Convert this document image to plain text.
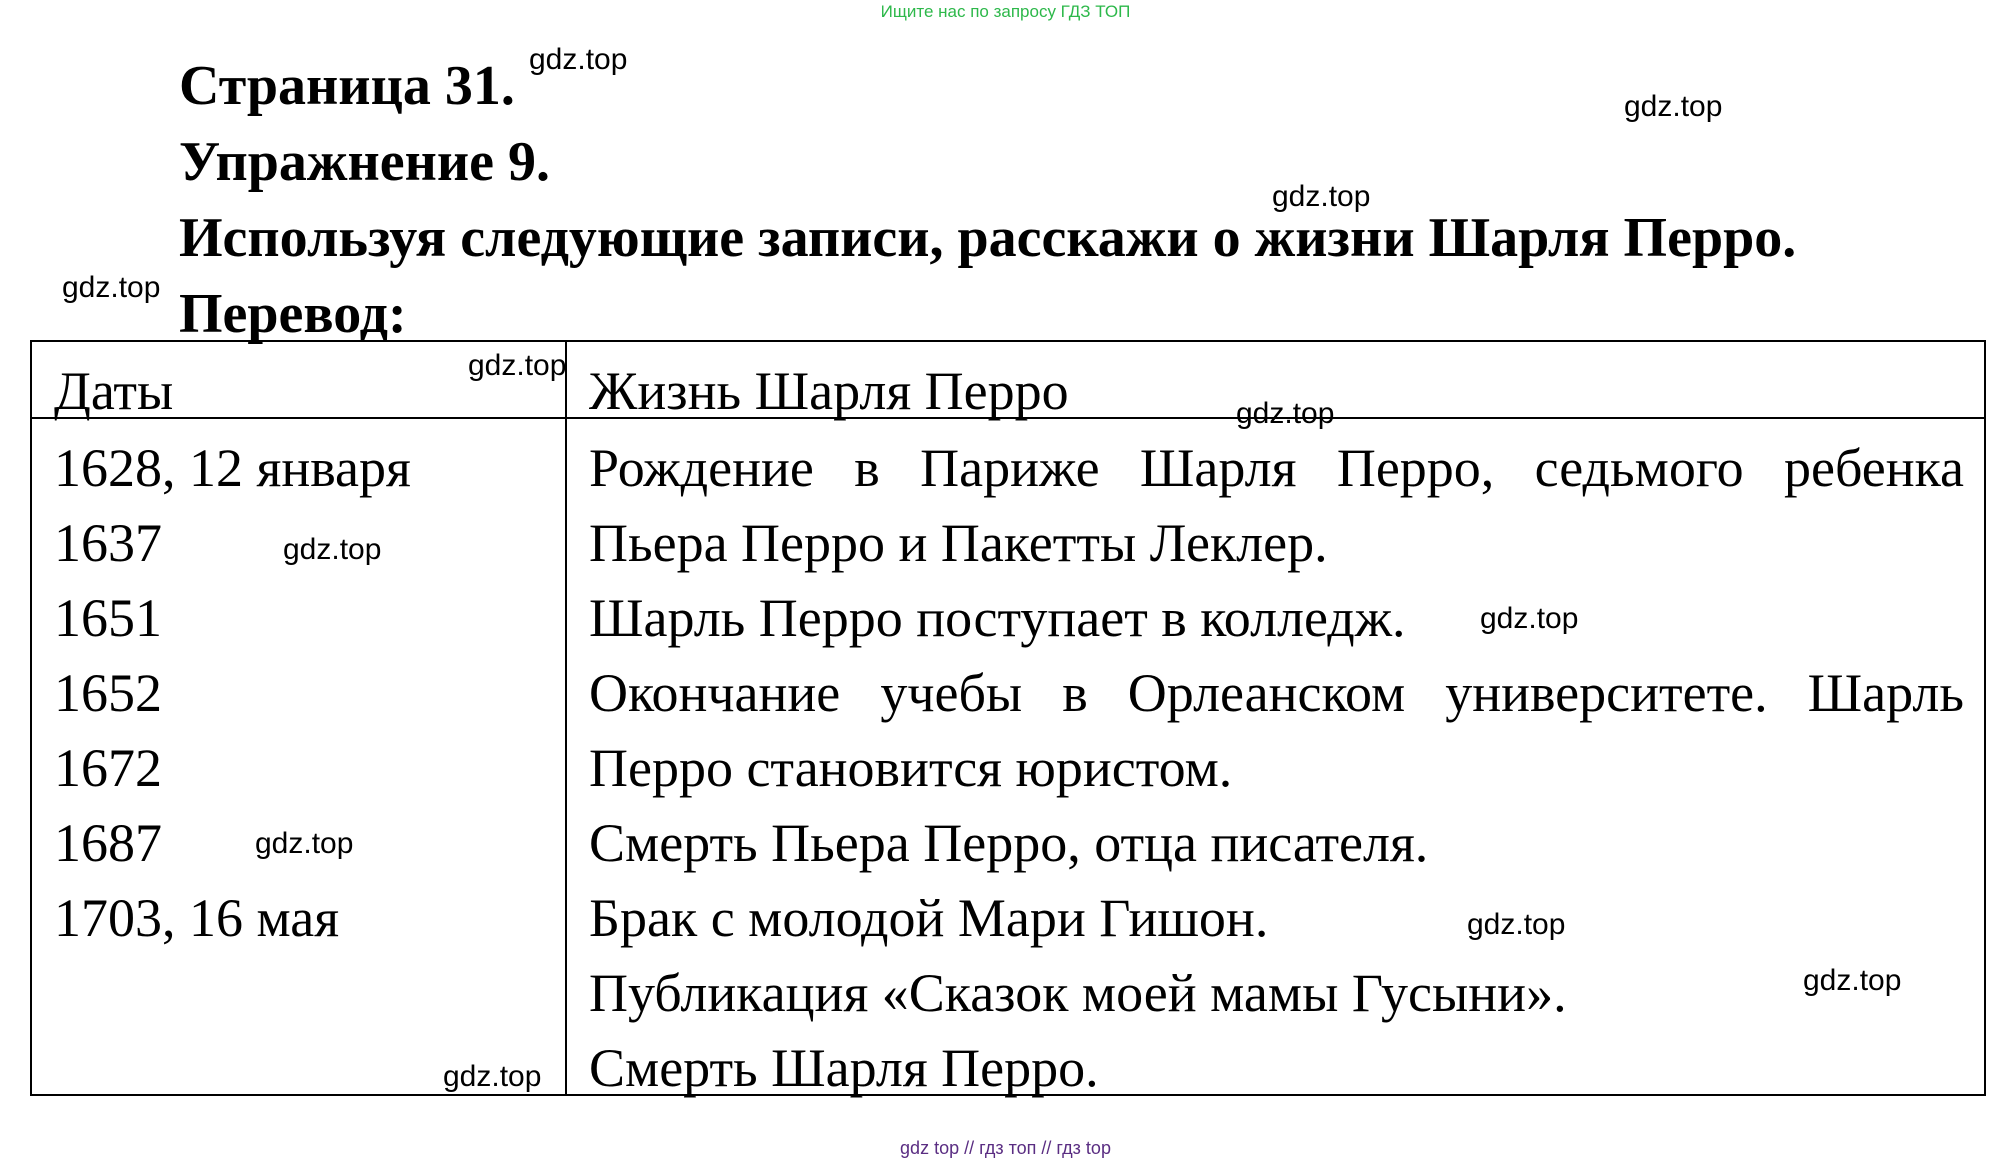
Ищите нас по запросу ГДЗ ТОП
Страница 31.
Упражнение 9.
Используя следующие записи, расскажи о жизни Шарля Перро.
Перевод:
Даты	Жизнь Шарля Перро
1628, 12 января
1637
1651
1652
1672
1687
1703, 16 мая
Рождение в Париже Шарля Перро, седьмого ребенка
Пьера Перро и Пакетты Леклер.
Шарль Перро поступает в колледж.
Окончание учебы в Орлеанском университете. Шарль
Перро становится юристом.
Смерть Пьера Перро, отца писателя.
Брак с молодой Мари Гишон.
Публикация «Сказок моей мамы Гусыни».
Смерть Шарля Перро.
gdz.top
gdz.top
gdz.top
gdz.top
gdz.top
gdz.top
gdz.top
gdz.top
gdz.top
gdz.top
gdz.top
gdz.top
gdz top // гдз топ // гдз top
